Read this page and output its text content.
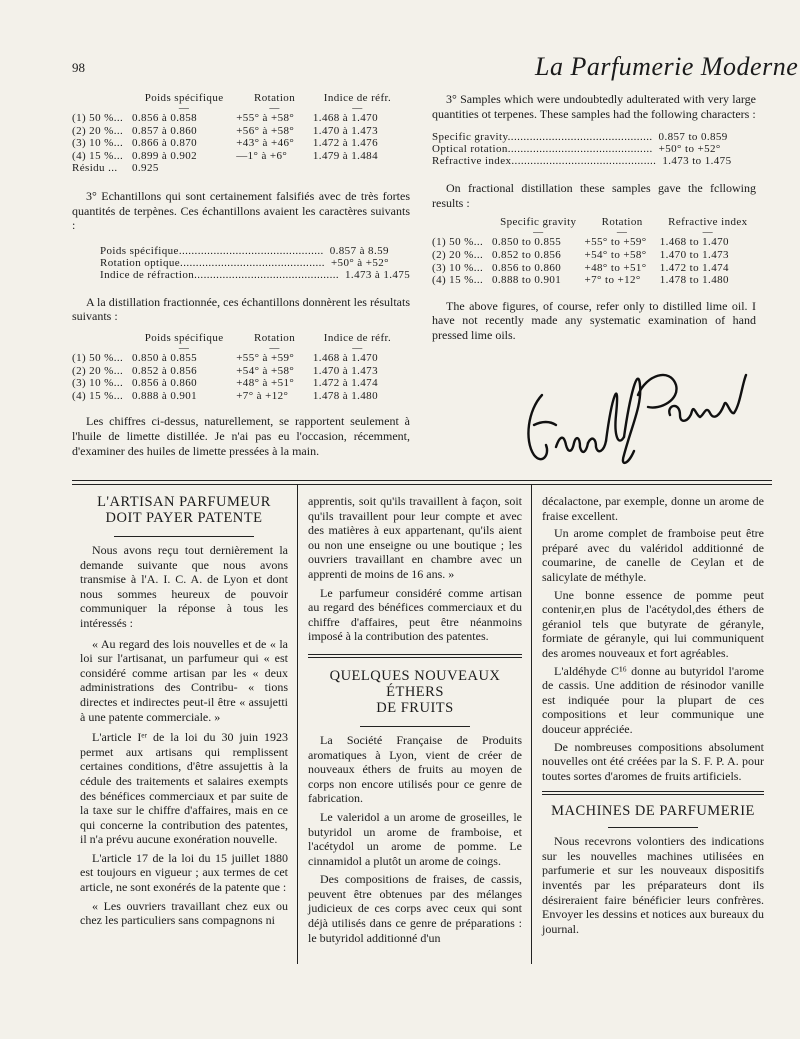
98	La Parfumerie Moderne
	Poids spécifique	Rotation	Indice de réfr.
	—	—	—
(1) 50 %...	0.856 à 0.858	+55° à +58°	1.468 à 1.470
(2) 20 %...	0.857 à 0.860	+56° à +58°	1.470 à 1.473
(3) 10 %...	0.866 à 0.870	+43° à +46°	1.472 à 1.476
(4) 15 %...	0.899 à 0.902	—1° à +6°	1.479 à 1.484
Résidu ...	0.925		

3° Echantillons qui sont certainement falsifiés avec de très fortes quantités de terpènes. Ces échantillons avaient les caractères suivants :

Poids spécifique.............................................. 0.857 à 8.59
Rotation optique.............................................. +50° à +52°
Indice de réfraction.............................................. 1.473 à 1.475

A la distillation fractionnée, ces échantillons donnèrent les résultats suivants :

	Poids spécifique	Rotation	Indice de réfr.
	—	—	—
(1) 50 %...	0.850 à 0.855	+55° à +59°	1.468 à 1.470
(2) 20 %...	0.852 à 0.856	+54° à +58°	1.470 à 1.473
(3) 10 %...	0.856 à 0.860	+48° à +51°	1.472 à 1.474
(4) 15 %...	0.888 à 0.901	+7° à +12°	1.478 à 1.480

Les chiffres ci-dessus, naturellement, se rapportent seulement à l'huile de limette distillée. Je n'ai pas eu l'occasion, récemment, d'examiner des huiles de limette pressées à la main.

3° Samples which were undoubtedly adulterated with very large quantities ot terpenes. These samples had the following characters :

Specific gravity.............................................. 0.857 to 0.859
Optical rotation.............................................. +50° to +52°
Refractive index.............................................. 1.473 to 1.475

On fractional distillation these samples gave the fcllowing results :

	Specific gravity	Rotation	Refractive index
	—	—	—
(1) 50 %...	0.850 to 0.855	+55° to +59°	1.468 to 1.470
(2) 20 %...	0.852 to 0.856	+54° to +58°	1.470 to 1.473
(3) 10 %...	0.856 to 0.860	+48° to +51°	1.472 to 1.474
(4) 15 %...	0.888 to 0.901	+7° to +12°	1.478 to 1.480

The above figures, of course, refer only to distilled lime oil. I have not recently made any systematic examination of hand pressed lime oils.

L'ARTISAN PARFUMEUR
DOIT PAYER PATENTE

Nous avons reçu tout dernièrement la demande suivante que nous avons transmise à l'A. I. C. A. de Lyon et dont nous sommes heureux de pouvoir communiquer la réponse à tous les intéressés :

« Au regard des lois nouvelles et de « la loi sur l'artisanat, un parfumeur qui « est considéré comme artisan par les « deux administrations des Contribu- « tions directes et indirectes peut-il être « assujetti à une patente commerciale. »

L'article Iᵉʳ de la loi du 30 juin 1923 permet aux artisans qui remplissent certaines conditions, d'être assujettis à la cédule des traitements et salaires exempts des bénéfices commerciaux et par suite de la taxe sur le chiffre d'affaires, mais en ce qui concerne la contribution des patentes, il n'a prévu aucune exonération nouvelle.

L'article 17 de la loi du 15 juillet 1880 est toujours en vigueur ; aux termes de cet article, ne sont exonérés de la patente que :

« Les ouvriers travaillant chez eux ou chez les particuliers sans compagnons ni

apprentis, soit qu'ils travaillent à façon, soit qu'ils travaillent pour leur compte et avec des matières à eux appartenant, qu'ils aient ou non une enseigne ou une boutique ; les ouvriers travaillant en chambre avec un apprenti de moins de 16 ans. »

Le parfumeur considéré comme artisan au regard des bénéfices commerciaux et du chiffre d'affaires, peut être néanmoins imposé à la contribution des patentes.

QUELQUES NOUVEAUX ÉTHERS
DE FRUITS

La Société Française de Produits aromatiques à Lyon, vient de créer de nouveaux éthers de fruits au moyen de corps non encore utilisés pour ce genre de fabrication.

Le valeridol a un arome de groseilles, le butyridol un arome de framboise, et l'acétydol un arome de pomme. Le cinnamidol a plutôt un arome de coings.

Des compositions de fraises, de cassis, peuvent être obtenues par des mélanges judicieux de ces corps avec ceux qui sont déjà utilisés dans ce genre de préparations : le butyridol additionné d'un

décalactone, par exemple, donne un arome de fraise excellent.

Un arome complet de framboise peut être préparé avec du valéridol additionné de coumarine, de canelle de Ceylan et de salicylate de méthyle.

Une bonne essence de pomme peut contenir,en plus de l'acétydol,des éthers de géraniol tels que butyrate de géranyle, formiate de géranyle, qui lui communiquent des aromes nouveaux et fort agréables.

L'aldéhyde C¹⁶ donne au butyridol l'arome de cassis. Une addition de résinodor vanille est indiquée pour la plupart de ces compositions et leur communique une douceur appréciée.

De nombreuses compositions absolument nouvelles ont été créées par la S. F. P. A. pour toutes sortes d'aromes de fruits artificiels.

MACHINES DE PARFUMERIE

Nous recevrons volontiers des indications sur les nouvelles machines utilisées en parfumerie et sur les nouveaux dispositifs inventés par les préparateurs dont ils désireraient faire bénéficier leurs confrères. Envoyer les dessins et notices aux bureaux du journal.
